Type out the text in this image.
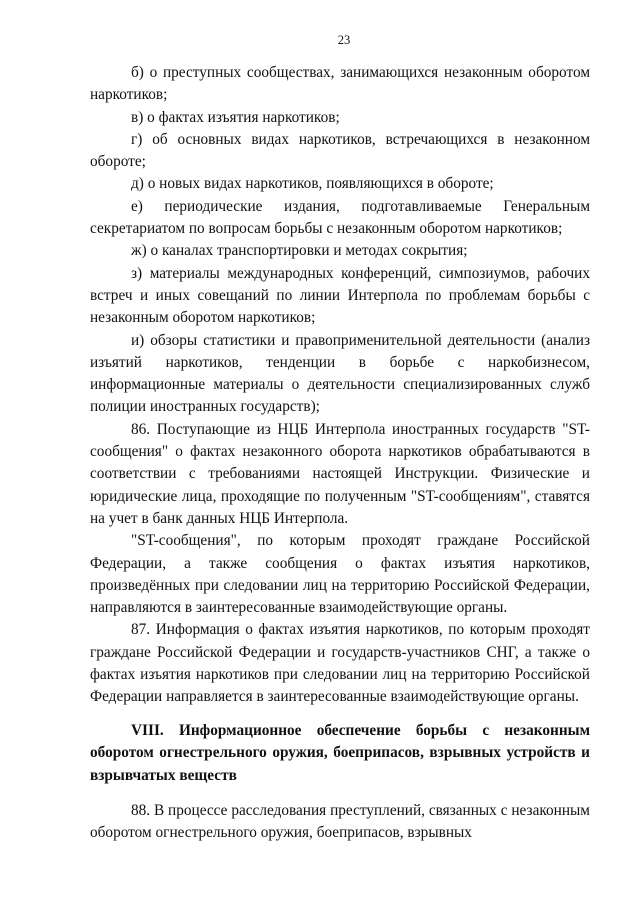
23

б) о преступных сообществах, занимающихся незаконным оборотом наркотиков;

в) о фактах изъятия наркотиков;

г) об основных видах наркотиков, встречающихся в незаконном обороте;

д) о новых видах наркотиков, появляющихся в обороте;

е) периодические издания, подготавливаемые Генеральным секретариатом по вопросам борьбы с незаконным оборотом наркотиков;

ж) о каналах транспортировки и методах сокрытия;

з) материалы международных конференций, симпозиумов, рабочих встреч и иных совещаний по линии Интерпола по проблемам борьбы с незаконным оборотом наркотиков;

и) обзоры статистики и правоприменительной деятельности (анализ изъятий наркотиков, тенденции в борьбе с наркобизнесом, информационные материалы о деятельности специализированных служб полиции иностранных государств);

86. Поступающие из НЦБ Интерпола иностранных государств "ST-сообщения" о фактах незаконного оборота наркотиков обрабатываются в соответствии с требованиями настоящей Инструкции. Физические и юридические лица, проходящие по полученным "ST-сообщениям", ставятся на учет в банк данных НЦБ Интерпола.

"ST-сообщения", по которым проходят граждане Российской Федерации, а также сообщения о фактах изъятия наркотиков, произведённых при следовании лиц на территорию Российской Федерации, направляются в заинтересованные взаимодействующие органы.

87. Информация о фактах изъятия наркотиков, по которым проходят граждане Российской Федерации и государств-участников СНГ, а также о фактах изъятия наркотиков при следовании лиц на территорию Российской Федерации направляется в заинтересованные взаимодействующие органы.

VIII. Информационное обеспечение борьбы с незаконным оборотом огнестрельного оружия, боеприпасов, взрывных устройств и взрывчатых веществ

88. В процессе расследования преступлений, связанных с незаконным оборотом огнестрельного оружия, боеприпасов, взрывных
